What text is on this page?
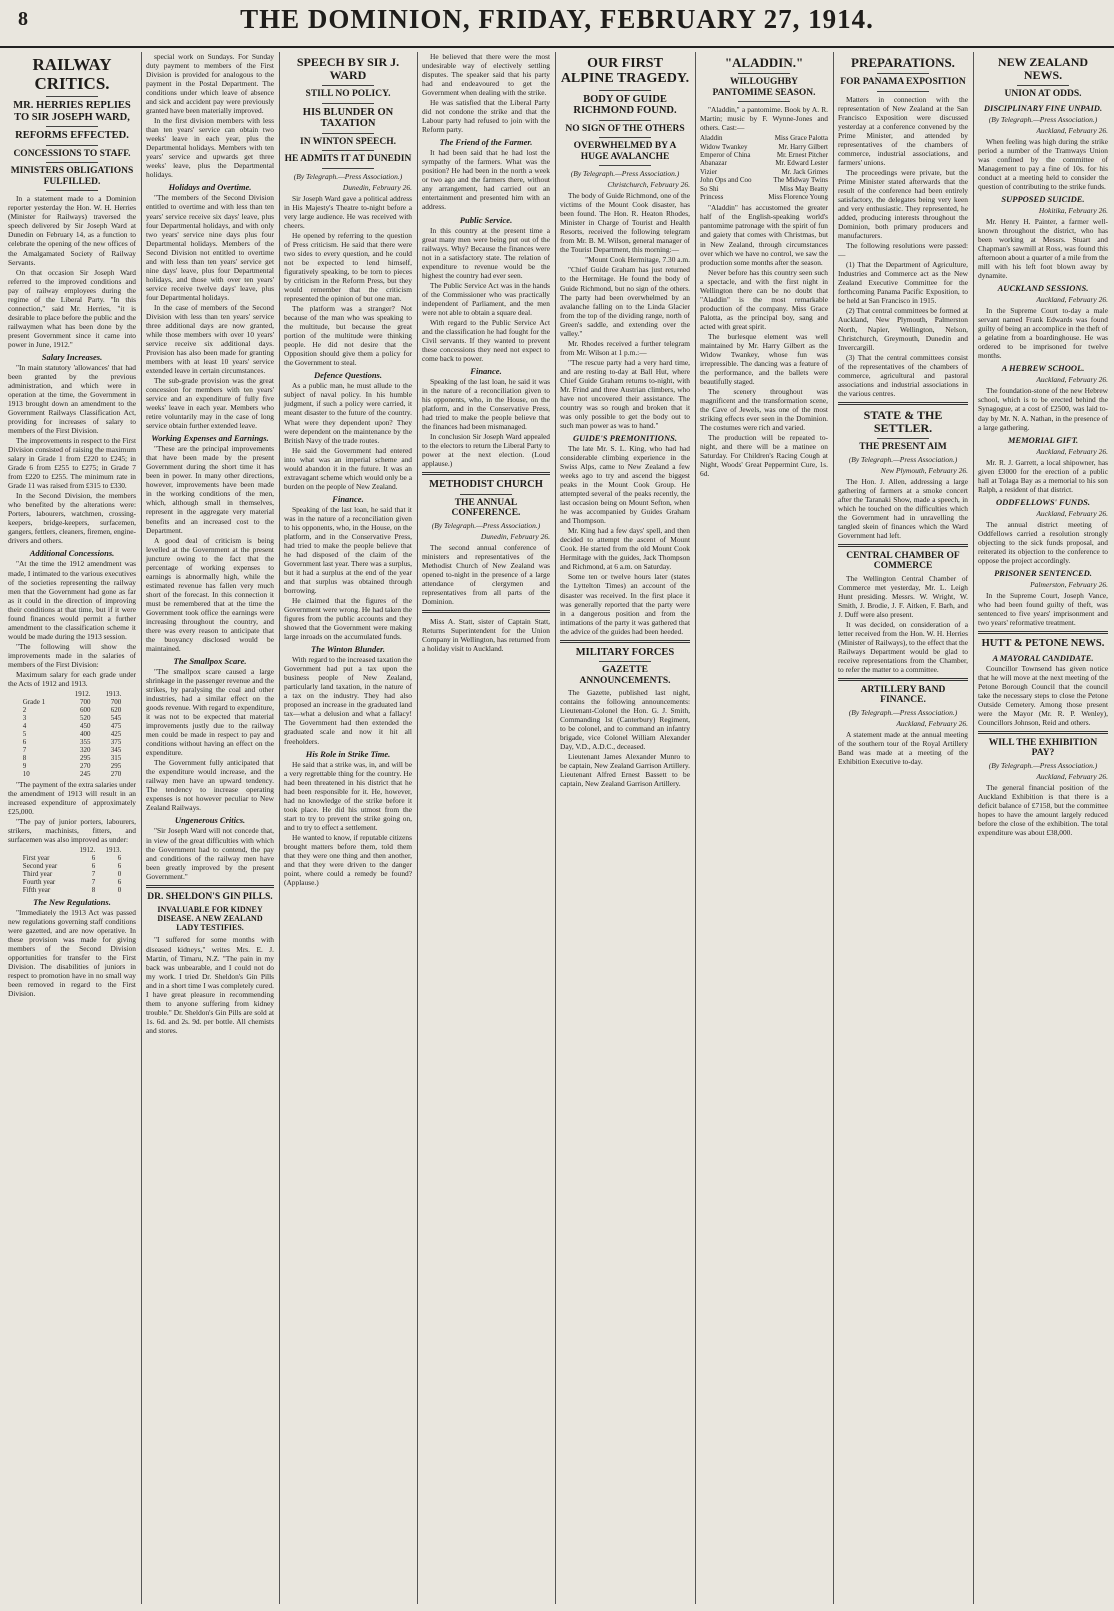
8	THE DOMINION, FRIDAY, FEBRUARY 27, 1914.
RAILWAY CRITICS.
MR. HERRIES REPLIES TO SIR JOSEPH WARD,
REFORMS EFFECTED.
CONCESSIONS TO STAFF.
MINISTERS OBLIGATIONS FULFILLED.

In a statement made to a Dominion reporter yesterday the Hon. W. H. Herries (Minister for Railways) traversed the speech delivered by Sir Joseph Ward at Dunedin on February 14, as a function to celebrate the opening of the new offices of the Amalgamated Society of Railway Servants.

On that occasion Sir Joseph Ward referred to the improved conditions and pay of railway employees during the regime of the Liberal Party. "In this connection," said Mr. Herries, "it is desirable to place before the public and the railwaymen what has been done by the present Government since it came into power in June, 1912."

Salary Increases.

"In main statutory 'allowances' that had been granted by the previous administration, and which were in operation at the time, the Government in 1913 brought down an amendment to the Government Railways Classification Act, providing for increases of salary to members of the First Division.

The improvements in respect to the First Division consisted of raising the maximum salary in Grade 1 from £220 to £245; in Grade 6 from £255 to £275; in Grade 7 from £220 to £255. The minimum rate in Grade 11 was raised from £315 to £330.

In the Second Division, the members who benefited by the alterations were: Porters, labourers, watchmen, crossing-keepers, bridge-keepers, surfacemen, gangers, fettlers, cleaners, firemen, engine-drivers and others.

Additional Concessions.

"At the time the 1912 amendment was made, I intimated to the various executives of the societies representing the railway men that the Government had gone as far as it could in the direction of improving their conditions at that time, but if it were found finances would permit a further amendment to the classification scheme it would be made during the 1913 session.

"The following will show the improvements made in the salaries of members of the First Division:

Maximum salary for each grade under the Acts of 1912 and 1913.

	1912.	1913.
Grade 1	700	700
2	600	620
3	520	545
4	450	475
5	400	425
6	355	375
7	320	345
8	295	315
9	270	295
10	245	270

"The payment of the extra salaries under the amendment of 1913 will result in an increased expenditure of approximately £25,000.

"The pay of junior porters, labourers, strikers, machinists, fitters, and surfacemen was also improved as under:

	1912.	1913.
First year	6	6
Second year	6	6
Third year	7	0
Fourth year	7	6
Fifth year	8	0
The New Regulations.

"Immediately the 1913 Act was passed new regulations governing staff conditions were gazetted, and are now operative. In these provision was made for giving members of the Second Division opportunities for transfer to the First Division. The disabilities of juniors in respect to promotion have in no small way been removed in regard to the First Division.

special work on Sundays. For Sunday duty payment to members of the First Division is provided for analogous to the payment in the Postal Department. The conditions under which leave of absence and sick and accident pay were previously granted have been materially improved.

In the first division members with less than ten years' service can obtain two weeks' leave in each year, plus the Departmental holidays. Members with ten years' service and upwards get three weeks' leave, plus the Departmental holidays.

Holidays and Overtime.

"The members of the Second Division entitled to overtime and with less than ten years' service receive six days' leave, plus four Departmental holidays, and with only two years' service nine days plus four Departmental holidays. Members of the Second Division not entitled to overtime and with less than ten years' service get nine days' leave, plus four Departmental holidays, and those with over ten years' service receive twelve days' leave, plus four Departmental holidays.

In the case of members of the Second Division with less than ten years' service three additional days are now granted, while those members with over 10 years' service receive six additional days. Provision has also been made for granting members with at least 10 years' service extended leave in certain circumstances.

The sub-grade provision was the great concession for members with ten years' service and an expenditure of fully five weeks' leave in each year. Members who retire voluntarily may in the case of long service obtain further extended leave.

Working Expenses and Earnings.

"These are the principal improvements that have been made by the present Government during the short time it has been in power. In many other directions, however, improvements have been made in the working conditions of the men, which, although small in themselves, represent in the aggregate very material benefits and an increased cost to the Department.

A good deal of criticism is being levelled at the Government at the present juncture owing to the fact that the percentage of working expenses to earnings is abnormally high, while the estimated revenue has fallen very much short of the forecast. In this connection it must be remembered that at the time the Government took office the earnings were increasing throughout the country, and there was every reason to anticipate that the buoyancy disclosed would be maintained.

The Smallpox Scare.

"The smallpox scare caused a large shrinkage in the passenger revenue and the strikes, by paralysing the coal and other industries, had a similar effect on the goods revenue. With regard to expenditure, it was not to be expected that material improvements justly due to the railway men could be made in respect to pay and conditions without having an effect on the expenditure.

The Government fully anticipated that the expenditure would increase, and the railway men have an upward tendency. The tendency to increase operating expenses is not however peculiar to New Zealand Railways.

Ungenerous Critics.

"Sir Joseph Ward will not concede that, in view of the great difficulties with which the Government had to contend, the pay and conditions of the railway men have been greatly improved by the present Government."

DR. SHELDON'S GIN PILLS.
INVALUABLE FOR KIDNEY DISEASE. A NEW ZEALAND LADY TESTIFIES.

"I suffered for some months with diseased kidneys," writes Mrs. E. J. Martin, of Timaru, N.Z. "The pain in my back was unbearable, and I could not do my work. I tried Dr. Sheldon's Gin Pills and in a short time I was completely cured. I have great pleasure in recommending them to anyone suffering from kidney trouble." Dr. Sheldon's Gin Pills are sold at 1s. 6d. and 2s. 9d. per bottle. All chemists and stores.

SPEECH BY SIR J. WARD
STILL NO POLICY.
HIS BLUNDER ON TAXATION
IN WINTON SPEECH.
HE ADMITS IT AT DUNEDIN
(By Telegraph.—Press Association.)
Dunedin, February 26.

Sir Joseph Ward gave a political address in His Majesty's Theatre to-night before a very large audience. He was received with cheers.

He opened by referring to the question of Press criticism. He said that there were two sides to every question, and he could not be expected to lend himself, figuratively speaking, to be torn to pieces by criticism in the Reform Press, but they would remember that the criticism represented the opinion of but one man.

The platform was a stranger? Not because of the man who was speaking to the multitude, but because the great portion of the multitude were thinking people. He did not desire that the Opposition should give them a policy for the Government to steal.

Defence Questions.

As a public man, he must allude to the subject of naval policy. In his humble judgment, if such a policy were carried, it meant disaster to the future of the country. What were they dependent upon? They were dependent on the maintenance by the British Navy of the trade routes.

He said the Government had entered into what was an imperial scheme and would abandon it in the future. It was an extravagant scheme which would only be a burden on the people of New Zealand.

Finance.

Speaking of the last loan, he said that it was in the nature of a reconciliation given to his opponents, who, in the House, on the platform, and in the Conservative Press, had tried to make the people believe that he had disposed of the claim of the Government last year. There was a surplus, but it had a surplus at the end of the year and that surplus was obtained through borrowing.

He claimed that the figures of the Government were wrong. He had taken the figures from the public accounts and they showed that the Government were making large inroads on the accumulated funds.

The Winton Blunder.

With regard to the increased taxation the Government had put a tax upon the business people of New Zealand, particularly land taxation, in the nature of a tax on the industry. They had also proposed an increase in the graduated land tax—what a delusion and what a fallacy! The Government had then extended the graduated scale and now it hit all freeholders.

His Role in Strike Time.

He said that a strike was, in, and will be a very regrettable thing for the country. He had been threatened in his district that he had been responsible for it. He, however, had no knowledge of the strike before it took place. He did his utmost from the start to try to prevent the strike going on, and to try to effect a settlement.

He wanted to know, if reputable citizens brought matters before them, told them that they were one thing and then another, and that they were driven to the danger point, where could a remedy be found? (Applause.)

He believed that there were the most undesirable way of electively settling disputes. The speaker said that his party had and endeavoured to get the Government when dealing with the strike.

He was satisfied that the Liberal Party did not condone the strike and that the Labour party had refused to join with the Reform party.

The Friend of the Farmer.

It had been said that he had lost the sympathy of the farmers. What was the position? He had been in the north a week or two ago and the farmers there, without any arrangement, had carried out an entertainment and presented him with an address.

Public Service.

In this country at the present time a great many men were being put out of the railways. Why? Because the finances were not in a satisfactory state. The relation of expenditure to revenue would be the highest the country had ever seen.

The Public Service Act was in the hands of the Commissioner who was practically independent of Parliament, and the men were not able to obtain a square deal.

With regard to the Public Service Act and the classification he had fought for the Civil servants. If they wanted to prevent these concessions they need not expect to come back to power.

Finance.

Speaking of the last loan, he said it was in the nature of a reconciliation given to his opponents, who, in the House, on the platform, and in the Conservative Press, had tried to make the people believe that the finances had been mismanaged.

In conclusion Sir Joseph Ward appealed to the electors to return the Liberal Party to power at the next election. (Loud applause.)

METHODIST CHURCH
THE ANNUAL CONFERENCE.
(By Telegraph.—Press Association.)
Dunedin, February 26.

The second annual conference of ministers and representatives of the Methodist Church of New Zealand was opened to-night in the presence of a large attendance of clergymen and representatives from all parts of the Dominion.

Miss A. Statt, sister of Captain Statt, Returns Superintendent for the Union Company in Wellington, has returned from a holiday visit to Auckland.

OUR FIRST ALPINE TRAGEDY.
BODY OF GUIDE RICHMOND FOUND.
NO SIGN OF THE OTHERS
OVERWHELMED BY A HUGE AVALANCHE
(By Telegraph.—Press Association.)
Christchurch, February 26.

The body of Guide Richmond, one of the victims of the Mount Cook disaster, has been found. The Hon. R. Heaton Rhodes, Minister in Charge of Tourist and Health Resorts, received the following telegram from Mr. B. M. Wilson, general manager of the Tourist Department, this morning:—

"Mount Cook Hermitage, 7.30 a.m.

"Chief Guide Graham has just returned to the Hermitage. He found the body of Guide Richmond, but no sign of the others. The party had been overwhelmed by an avalanche falling on to the Linda Glacier from the top of the dividing range, north of Green's saddle, and extending over the valley."

Mr. Rhodes received a further telegram from Mr. Wilson at 1 p.m.:—

"The rescue party had a very hard time, and are resting to-day at Ball Hut, where Chief Guide Graham returns to-night, with Mr. Frind and three Austrian climbers, who have not uncovered their assistance. The country was so rough and broken that it was only possible to get the body out to such man power as was to hand."

GUIDE'S PREMONITIONS.

The late Mr. S. L. King, who had had considerable climbing experience in the Swiss Alps, came to New Zealand a few weeks ago to try and ascend the biggest peaks in the Mount Cook Group. He attempted several of the peaks recently, the last occasion being on Mount Sefton, when he was accompanied by Guides Graham and Thompson.

Mr. King had a few days' spell, and then decided to attempt the ascent of Mount Cook. He started from the old Mount Cook Hermitage with the guides, Jack Thompson and Richmond, at 6 a.m. on Saturday.

Some ten or twelve hours later (states the Lyttelton Times) an account of the disaster was received. In the first place it was generally reported that the party were in a dangerous position and from the intimations of the party it was gathered that the advice of the guides had been heeded.

MILITARY FORCES
GAZETTE ANNOUNCEMENTS.

The Gazette, published last night, contains the following announcements: Lieutenant-Colonel the Hon. G. J. Smith, Commanding 1st (Canterbury) Regiment, to be colonel, and to command an infantry brigade, vice Colonel William Alexander Day, V.D., A.D.C., deceased.

Lieutenant James Alexander Munro to be captain, New Zealand Garrison Artillery. Lieutenant Alfred Ernest Bassett to be captain, New Zealand Garrison Artillery.

"ALADDIN."
WILLOUGHBY PANTOMIME SEASON.

"Aladdin," a pantomime. Book by A. R. Martin; music by F. Wynne-Jones and others. Cast:—

Aladdin	Miss Grace Palotta
Widow Twankey	Mr. Harry Gilbert
Emperor of China	Mr. Ernest Pitcher
Abanazar	Mr. Edward Lester
Vizier	Mr. Jack Grimes
John Ops and Coo	The Midway Twins
So Shi	Miss May Beatty
Princess	Miss Florence Young

"Aladdin" has accustomed the greater half of the English-speaking world's pantomime patronage with the spirit of fun and gaiety that comes with Christmas, but in New Zealand, through circumstances over which we have no control, we saw the production some months after the season.

Never before has this country seen such a spectacle, and with the first night in Wellington there can be no doubt that "Aladdin" is the most remarkable production of the company. Miss Grace Palotta, as the principal boy, sang and acted with great spirit.

The burlesque element was well maintained by Mr. Harry Gilbert as the Widow Twankey, whose fun was irrepressible. The dancing was a feature of the performance, and the ballets were beautifully staged.

The scenery throughout was magnificent and the transformation scene, the Cave of Jewels, was one of the most striking effects ever seen in the Dominion. The costumes were rich and varied.

The production will be repeated to-night, and there will be a matinee on Saturday. For Children's Racing Cough at Night, Woods' Great Peppermint Cure, 1s. 6d.

PREPARATIONS.
FOR PANAMA EXPOSITION

Matters in connection with the representation of New Zealand at the San Francisco Exposition were discussed yesterday at a conference convened by the Prime Minister, and attended by representatives of the chambers of commerce, industrial associations, and farmers' unions.

The proceedings were private, but the Prime Minister stated afterwards that the result of the conference had been entirely satisfactory, the delegates being very keen and very enthusiastic. They represented, he added, producing interests throughout the Dominion, both primary producers and manufacturers.

The following resolutions were passed:—

(1) That the Department of Agriculture, Industries and Commerce act as the New Zealand Executive Committee for the forthcoming Panama Pacific Exposition, to be held at San Francisco in 1915.

(2) That central committees be formed at Auckland, New Plymouth, Palmerston North, Napier, Wellington, Nelson, Christchurch, Greymouth, Dunedin and Invercargill.

(3) That the central committees consist of the representatives of the chambers of commerce, agricultural and pastoral associations and industrial associations in the various centres.

STATE & THE SETTLER.
THE PRESENT AIM
(By Telegraph.—Press Association.)
New Plymouth, February 26.

The Hon. J. Allen, addressing a large gathering of farmers at a smoke concert after the Taranaki Show, made a speech, in which he touched on the difficulties which the Government had in unravelling the tangled skein of finances which the Ward Government had left.

CENTRAL CHAMBER OF COMMERCE

The Wellington Central Chamber of Commerce met yesterday, Mr. L. Leigh Hunt presiding. Messrs. W. Wright, W. Smith, J. Brodie, J. F. Aitken, F. Barh, and J. Duff were also present.

It was decided, on consideration of a letter received from the Hon. W. H. Herries (Minister of Railways), to the effect that the Railways Department would be glad to receive representations from the Chamber, to refer the matter to a committee.

ARTILLERY BAND FINANCE.
(By Telegraph.—Press Association.)
Auckland, February 26.

A statement made at the annual meeting of the southern tour of the Royal Artillery Band was made at a meeting of the Exhibition Executive to-day.

NEW ZEALAND NEWS.
UNION AT ODDS.
DISCIPLINARY FINE UNPAID.
(By Telegraph.—Press Association.)
Auckland, February 26.

When feeling was high during the strike period a number of the Tramways Union was confined by the committee of Management to pay a fine of 10s. for his conduct at a meeting held to consider the question of contributing to the strike funds.

SUPPOSED SUICIDE.
Hokitika, February 26.

Mr. Henry H. Painter, a farmer well-known throughout the district, who has been working at Messrs. Stuart and Chapman's sawmill at Ross, was found this afternoon about a quarter of a mile from the mill with his left foot blown away by dynamite.

AUCKLAND SESSIONS.
Auckland, February 26.

In the Supreme Court to-day a male servant named Frank Edwards was found guilty of being an accomplice in the theft of a gelatine from a boardinghouse. He was ordered to be imprisoned for twelve months.

A HEBREW SCHOOL.
Auckland, February 26.

The foundation-stone of the new Hebrew school, which is to be erected behind the Synagogue, at a cost of £2500, was laid to-day by Mr. N. A. Nathan, in the presence of a large gathering.

MEMORIAL GIFT.
Auckland, February 26.

Mr. R. J. Garrett, a local shipowner, has given £3000 for the erection of a public hall at Tolaga Bay as a memorial to his son Ralph, a resident of that district.

ODDFELLOWS' FUNDS.
Auckland, February 26.

The annual district meeting of Oddfellows carried a resolution strongly objecting to the sick funds proposal, and reiterated its objection to the conference to oppose the project accordingly.

PRISONER SENTENCED.
Palmerston, February 26.

In the Supreme Court, Joseph Vance, who had been found guilty of theft, was sentenced to five years' imprisonment and two years' reformative treatment.

HUTT & PETONE NEWS.
A MAYORAL CANDIDATE.

Councillor Townsend has given notice that he will move at the next meeting of the Petone Borough Council that the council take the necessary steps to close the Petone Outside Cemetery. Among those present were the Mayor (Mr. R. P. Wenley), Councillors Johnson, Reid and others.

WILL THE EXHIBITION PAY?
(By Telegraph.—Press Association.)
Auckland, February 26.

The general financial position of the Auckland Exhibition is that there is a deficit balance of £7158, but the committee hopes to have the amount largely reduced before the close of the exhibition. The total expenditure was about £38,000.
